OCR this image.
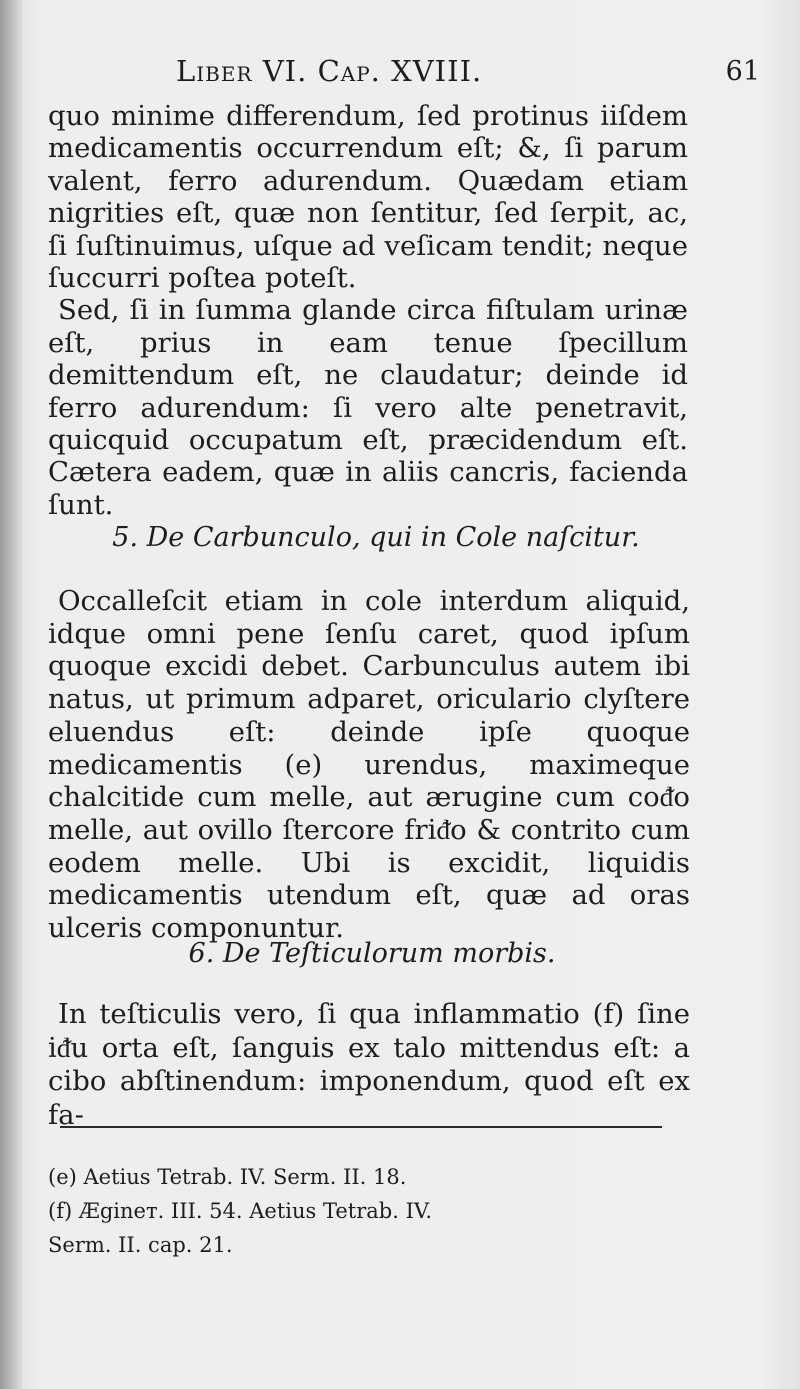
Liber VI. Cap. XVIII.	61

quo minime differendum, ſed protinus iiſdem medicamentis occurrendum eſt; &, ſi parum valent, ferro adurendum. Quædam etiam nigrities eſt, quæ non ſentitur, ſed ſerpit, ac, ſi ſuſtinuimus, uſque ad veſicam tendit; neque ſuccurri poſtea poteſt.

Sed, ſi in ſumma glande circa fiſtulam urinæ eſt, prius in eam tenue ſpecillum demittendum eſt, ne claudatur; deinde id ferro adurendum: ſi vero alte penetravit, quicquid occupatum eſt, præcidendum eſt. Cætera eadem, quæ in aliis cancris, facienda ſunt.

5. De Carbunculo, qui in Cole naſcitur.

Occalleſcit etiam in cole interdum aliquid, idque omni pene ſenſu caret, quod ipſum quoque excidi debet. Carbunculus autem ibi natus, ut primum adparet, oriculario clyſtere eluendus eſt: deinde ipſe quoque medicamentis (e) urendus, maximeque chalcitide cum melle, aut ærugine cum coᵭo melle, aut ovillo ſtercore friᵭo & contrito cum eodem melle. Ubi is excidit, liquidis medicamentis utendum eſt, quæ ad oras ulceris componuntur.

6. De Teſticulorum morbis.

In teſticulis vero, ſi qua inflammatio (f) ſine iᵭu orta eſt, ſanguis ex talo mittendus eſt: a cibo abſtinendum: imponendum, quod eſt ex fa-

(e) Aetius Tetrab. IV. Serm. II. 18.
(f) Ægineт. III. 54. Aetius Tetrab. IV.
Serm. II. cap. 21.
